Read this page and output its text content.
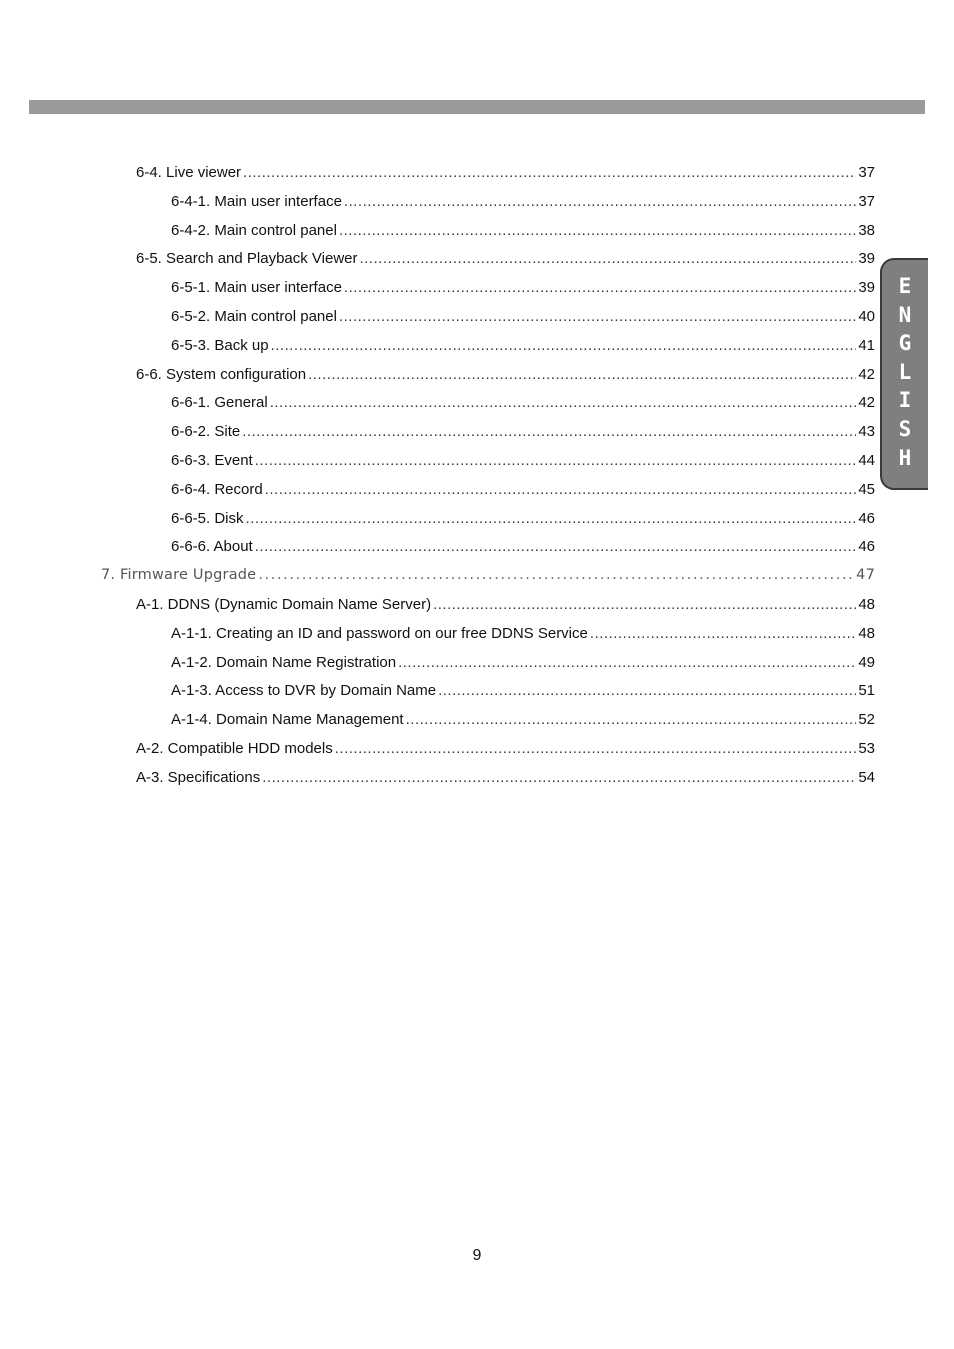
E
N
G
L
I
S
H
6-4. Live viewer .....	37
6-4-1. Main user interface .....	37
6-4-2. Main control panel .....	38
6-5. Search and Playback Viewer .....	39
6-5-1. Main user interface .....	39
6-5-2. Main control panel .....	40
6-5-3. Back up .....	41
6-6. System configuration .....	42
6-6-1. General .....	42
6-6-2. Site .....	43
6-6-3. Event .....	44
6-6-4. Record .....	45
6-6-5. Disk .....	46
6-6-6. About .....	46
7. Firmware Upgrade .....	47
A-1. DDNS (Dynamic Domain Name Server) .....	48
A-1-1. Creating an ID and password on our free DDNS Service .....	48
A-1-2. Domain Name Registration .....	49
A-1-3. Access to DVR by Domain Name .....	51
A-1-4. Domain Name Management .....	52
A-2. Compatible HDD models .....	53
A-3. Specifications .....	54
9
